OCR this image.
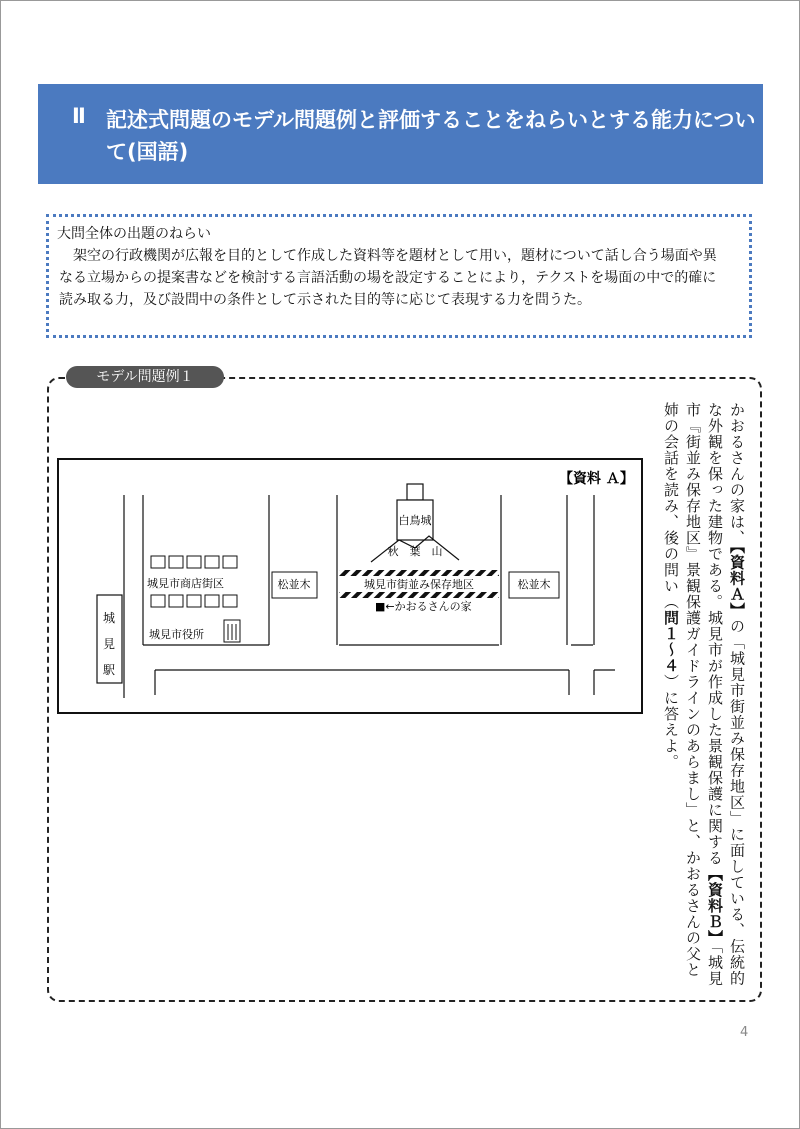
Ⅱ 記述式問題のモデル問題例と評価することをねらいとする能力について(国語)
大問全体の出題のねらい
架空の行政機関が広報を目的として作成した資料等を題材として用い，題材について話し合う場面や異なる立場からの提案書などを検討する言語活動の場を設定することにより，テクストを場面の中で的確に読み取る力，及び設問中の条件として示された目的等に応じて表現する力を問うた。
モデル問題例１
かおるさんの家は、【資料Ａ】の「城見市街並み保存地区」に面している、伝統的な外観を保った建物である。城見市が作成した景観保護に関する【資料Ｂ】「城見市『街並み保存地区』景観保護ガイドラインのあらまし」と、かおるさんの父と姉の会話を読み、後の問い（問１～４）に答えよ。
【資料 Ａ】
城
見
駅
城見市商店街区
城見市役所
松並木	松並木
白鳥城
秋　葉　山
城見市街並み保存地区
■←かおるさんの家
4
